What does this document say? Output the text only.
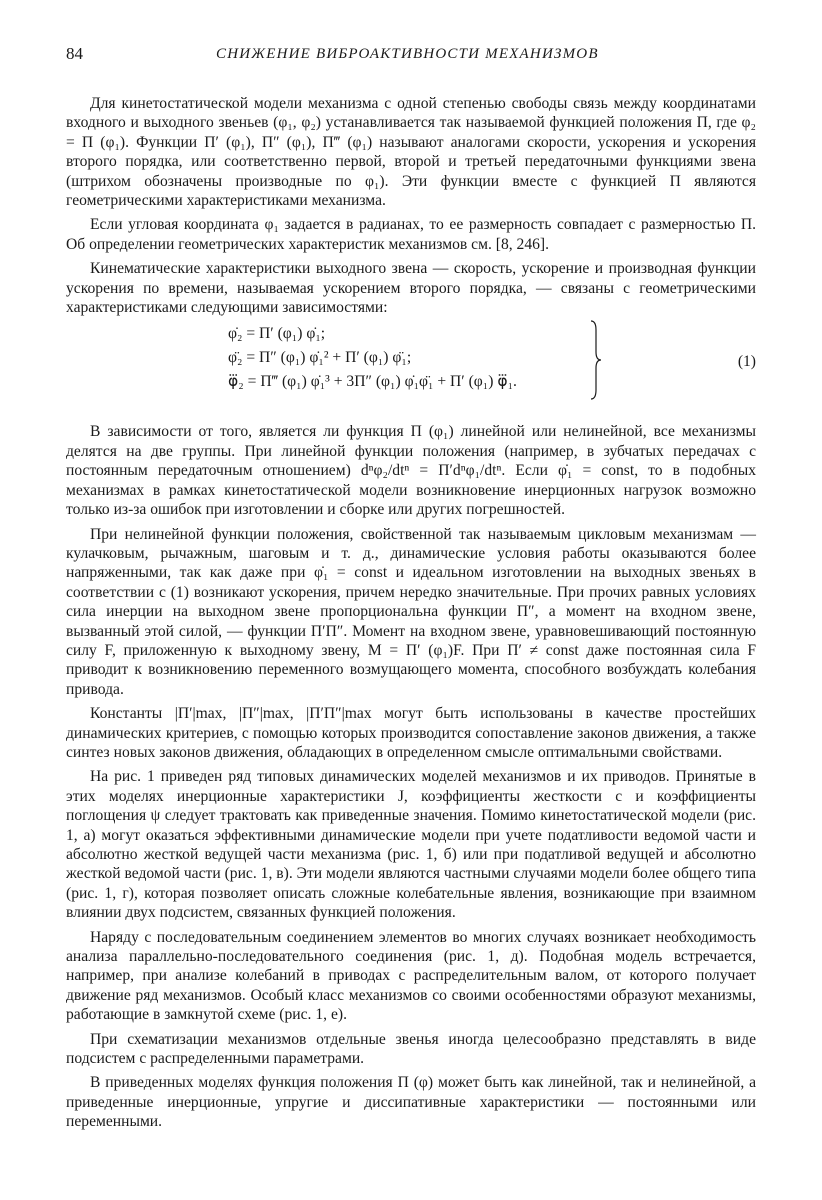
84	СНИЖЕНИЕ ВИБРОАКТИВНОСТИ МЕХАНИЗМОВ

Для кинетостатической модели механизма с одной степенью свободы связь между координатами входного и выходного звеньев (φ₁, φ₂) устанавливается так называемой функцией положения П, где φ₂ = П (φ₁). Функции П′ (φ₁), П″ (φ₁), П‴ (φ₁) называют аналогами скорости, ускорения и ускорения второго порядка, или соответственно первой, второй и третьей передаточными функциями звена (штрихом обозначены производные по φ₁). Эти функции вместе с функцией П являются геометрическими характеристиками механизма.

Если угловая координата φ₁ задается в радианах, то ее размерность совпадает с размерностью П. Об определении геометрических характеристик механизмов см. [8, 246].

Кинематические характеристики выходного звена — скорость, ускорение и производная функции ускорения по времени, называемая ускорением второго порядка, — связаны с геометрическими характеристиками следующими зависимостями:

φ̇₂ = П′ (φ₁) φ̇₁;
φ̈₂ = П″ (φ₁) φ̇₁² + П′ (φ₁) φ̈₁;
φ⃛₂ = П‴ (φ₁) φ̇₁³ + 3П″ (φ₁) φ̇₁φ̈₁ + П′ (φ₁) φ⃛₁.
(1)

В зависимости от того, является ли функция П (φ₁) линейной или нелинейной, все механизмы делятся на две группы. При линейной функции положения (например, в зубчатых передачах с постоянным передаточным отношением) dⁿφ₂/dtⁿ = П′dⁿφ₁/dtⁿ. Если φ̇₁ = const, то в подобных механизмах в рамках кинетостатической модели возникновение инерционных нагрузок возможно только из-за ошибок при изготовлении и сборке или других погрешностей.

При нелинейной функции положения, свойственной так называемым цикловым механизмам — кулачковым, рычажным, шаговым и т. д., динамические условия работы оказываются более напряженными, так как даже при φ̇₁ = const и идеальном изготовлении на выходных звеньях в соответствии с (1) возникают ускорения, причем нередко значительные. При прочих равных условиях сила инерции на выходном звене пропорциональна функции П″, а момент на входном звене, вызванный этой силой, — функции П′П″. Момент на входном звене, уравновешивающий постоянную силу F, приложенную к выходному звену, M = П′ (φ₁)F. При П′ ≠ const даже постоянная сила F приводит к возникновению переменного возмущающего момента, способного возбуждать колебания привода.

Константы |П′|max, |П″|max, |П′П″|max могут быть использованы в качестве простейших динамических критериев, с помощью которых производится сопоставление законов движения, а также синтез новых законов движения, обладающих в определенном смысле оптимальными свойствами.

На рис. 1 приведен ряд типовых динамических моделей механизмов и их приводов. Принятые в этих моделях инерционные характеристики J, коэффициенты жесткости c и коэффициенты поглощения ψ следует трактовать как приведенные значения. Помимо кинетостатической модели (рис. 1, а) могут оказаться эффективными динамические модели при учете податливости ведомой части и абсолютно жесткой ведущей части механизма (рис. 1, б) или при податливой ведущей и абсолютно жесткой ведомой части (рис. 1, в). Эти модели являются частными случаями модели более общего типа (рис. 1, г), которая позволяет описать сложные колебательные явления, возникающие при взаимном влиянии двух подсистем, связанных функцией положения.

Наряду с последовательным соединением элементов во многих случаях возникает необходимость анализа параллельно-последовательного соединения (рис. 1, д). Подобная модель встречается, например, при анализе колебаний в приводах с распределительным валом, от которого получает движение ряд механизмов. Особый класс механизмов со своими особенностями образуют механизмы, работающие в замкнутой схеме (рис. 1, е).

При схематизации механизмов отдельные звенья иногда целесообразно представлять в виде подсистем с распределенными параметрами.

В приведенных моделях функция положения П (φ) может быть как линейной, так и нелинейной, а приведенные инерционные, упругие и диссипативные характеристики — постоянными или переменными.
